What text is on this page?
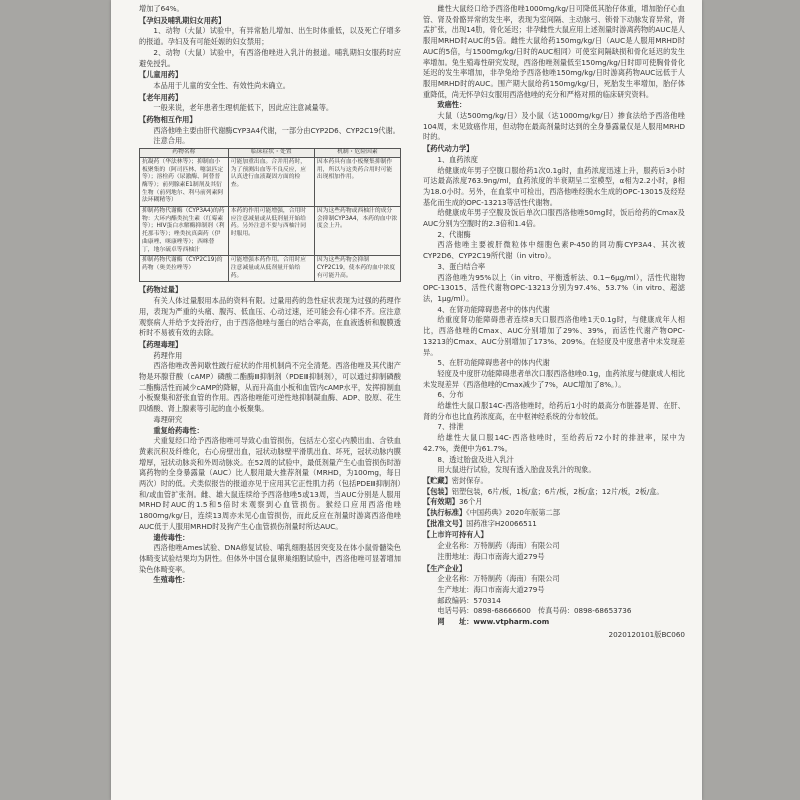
增加了64%。
【孕妇及哺乳期妇女用药】
1、动物（大鼠）试验中，有异常胎儿增加、出生时体重低，以及死亡仔增多的报道。孕妇及有可能妊娠的妇女禁用；
2、动物（大鼠）试验中，有西洛他唑进入乳汁的报道。哺乳期妇女服药时应避免授乳。
【儿童用药】
本品用于儿童的安全性、有效性尚未确立。
【老年用药】
一般来说，老年患者生理机能低下，因此应注意减量等。
【药物相互作用】
西洛他唑主要由肝代谢酶CYP3A4代谢，一部分由CYP2D6、CYP2C19代谢。
注意合用。
药物名称	临床症状・处置	机制・危险因素
抗凝药（华法林等）；抑制血小板聚集的（阿司匹林、噻氯匹定等）；溶栓药（尿激酶、阿替普酶等）；前列腺素E1制剂及其衍生物（前列地尔、利马前列素阿法环糊精等）	可能加重出血。合并用药时，为了预测出血等不良反应，应认真进行血液凝固方面的检查。	因本药具有血小板聚集抑制作用，所以与这类药合用时可能出现相加作用。
抑制药物代谢酶（CYP3A4)的药物：大环内酯类抗生素（红霉素等）；HIV蛋白水解酶抑制剂（利托那韦等）；唑类抗真菌药（伊曲康唑、咪康唑等）；西咪替丁，地尔硫卓等西柚汁	本药的作用可能增强，合用时应注意减量或从低剂量开始给药。另外注意不要与西柚汁同时服用。	因为这些药物或西柚汁的成分会抑制CYP3A4，本药的血中浓度会上升。
抑制药物代谢酶（CYP2C19)的药物（奥美拉唑等）	可能增强本药作用。合用时应注意减量或从低剂量开始给药。	因为这些药物会抑制CYP2C19，使本药的血中浓度有可能升高。
【药物过量】
有关人体过量服用本品的资料有限。过量用药的急性症状表现为过强的药理作用，表现为严重的头痛、腹泻、低血压、心动过速，还可能会有心律不齐。应注意观察病人并给予支持治疗，由于西洛他唑与蛋白的结合率高，在血液透析和腹膜透析时不易被有效的去除。
【药理毒理】
药理作用
西洛他唑改善间歇性跛行症状的作用机制尚不完全清楚。西洛他唑及其代谢产物是环腺苷酸（cAMP）磷酸二酯酶Ⅲ抑制剂（PDEⅢ抑制剂），可以通过抑制磷酸二酯酶活性而减少cAMP的降解，从而升高血小板和血管内cAMP水平，发挥抑制血小板聚集和舒张血管的作用。西洛他唑能可逆性地抑制凝血酶、ADP、胶原、花生四烯酸、肾上腺素等引起的血小板聚集。
毒理研究
重复给药毒性：
犬重复经口给予西洛他唑可导致心血管损伤，包括左心室心内膜出血、含铁血黄素沉积及纤维化，右心房壁出血，冠状动脉壁平滑肌出血、坏死，冠状动脉内膜增厚，冠状动脉炎和外周动脉炎。在52周的试验中，最低剂量产生心血管损伤时游离药物的全身暴露量（AUC）比人服用最大推荐剂量（MRHD，为100mg，每日两次）时的低。犬类似报告的报道亦见于应用其它正性肌力药（包括PDEⅢ抑制剂）和/或血管扩张剂。雌、雄大鼠连续给予西洛他唑5或13周，当AUC分别是人服用MRHD时AUC的1.5和5倍时未观察到心血管损伤。猴经口应用西洛他唑1800mg/kg/日，连续13周亦未见心血管损伤，而此反应在剂量时游离西洛他唑AUC低于人服用MRHD时及狗产生心血管损伤剂量时所达AUC。
遗传毒性：
西洛他唑Ames试验、DNA修复试验、哺乳细胞基因突变及在体小鼠骨髓染色体畸变试验结果均为阴性。但体外中国仓鼠卵巢细胞试验中，西洛他唑可显著增加染色体畸变率。
生殖毒性：
雌性大鼠经口给予西洛他唑1000mg/kg/日可降低其胎仔体重，增加胎仔心血管、肾及骨骼异常的发生率，表现为室间隔、主动脉弓、锁骨下动脉发育异常，肾盂扩张，出现14肋，骨化延迟；非孕雌性大鼠应用上述剂量时游离药物的AUC是人服用MRHD时AUC的5倍。雌性大鼠给药150mg/kg/日（AUC是人服用MRHD时AUC的5倍，与1500mg/kg/日时的AUC相同）可使室间隔缺损和骨化延迟的发生率增加。兔生殖毒性研究发现，西洛他唑剂量低至150mg/kg/日时即可使胸骨骨化延迟的发生率增加，非孕兔给予西洛他唑150mg/kg/日时游离药物AUC远低于人服用MRHD时的AUC。围产期大鼠给药150mg/kg/日，死胎发生率增加，胎仔体重降低，尚无怀孕妇女服用西洛他唑的充分和严格对照的临床研究资料。
致癌性：
大鼠（达500mg/kg/日）及小鼠（达1000mg/kg/日）掺食法给予西洛他唑104周，未见致癌作用，但动物在最高剂量时达到的全身暴露量仅是人服用MRHD时的。
【药代动力学】
1、血药浓度
给健康成年男子空腹口服给药1次0.1g时，血药浓度迅速上升，服药后3小时可达最高浓度763.9ng/ml，血药浓度的半衰期呈二室模型，α相为2.2小时，β相为18.0小时。另外，在血浆中可检出，西洛他唑经脱水生成的OPC-13015及经羟基化而生成的OPC-13213等活性代谢物。
给健康成年男子空腹及饭后单次口服西洛他唑50mg时，饭后给药的Cmax及AUC分别为空腹时的2.3倍和1.4倍。
2、代谢酶
西洛他唑主要被肝微粒体中细胞色素P-450的同功酶CYP3A4、其次被CYP2D6、CYP2C19所代谢（in vitro）。
3、蛋白结合率
西洛他唑为95%以上（in vitro、平衡透析法、0.1~6μg/ml），活性代谢物OPC-13015、活性代谢物OPC-13213分别为97.4%、53.7%（in vitro、超滤法，1μg/ml）。
4、在肾功能障碍患者中的体内代谢
给重度肾功能障碍患者连续8天口服西洛他唑1天0.1g时，与健康成年人相比，西洛他唑的Cmax、AUC分别增加了29%、39%，而活性代谢产物OPC-13213的Cmax、AUC分别增加了173%、209%。在轻度及中度患者中未发现差异。
5、在肝功能障碍患者中的体内代谢
轻度及中度肝功能障碍患者单次口服西洛他唑0.1g，血药浓度与健康成人相比未发现差异（西洛他唑的Cmax减少了7%，AUC增加了8%。）。
6、分布
给雄性大鼠口服14C-西洛他唑时，给药后1小时的最高分布脏器是胃、在肝、肾的分布也比血药浓度高，在中枢神经系统的分布较低。
7、排泄
给雄性大鼠口服14C-西洛他唑时，至给药后72小时的排泄率，尿中为42.7%，粪便中为61.7%。
8、透过胎盘及进入乳汁
用大鼠进行试验，发现有透入胎盘及乳汁的现象。
【贮藏】密封保存。
【包装】铝塑包装，6片/板，1板/盒；6片/板，2板/盒；12片/板，2板/盒。
【有效期】36个月
【执行标准】《中国药典》2020年版第二部
【批准文号】国药准字H20066511
【上市许可持有人】
企业名称：万特制药（海南）有限公司
注册地址：海口市南海大道279号
【生产企业】
企业名称：万特制药（海南）有限公司
生产地址：海口市南海大道279号
邮政编码：570314
电话号码：0898-68666600　 传真号码：0898-68653736
网　　址：www.vtpharm.com
2020120101版BC060
